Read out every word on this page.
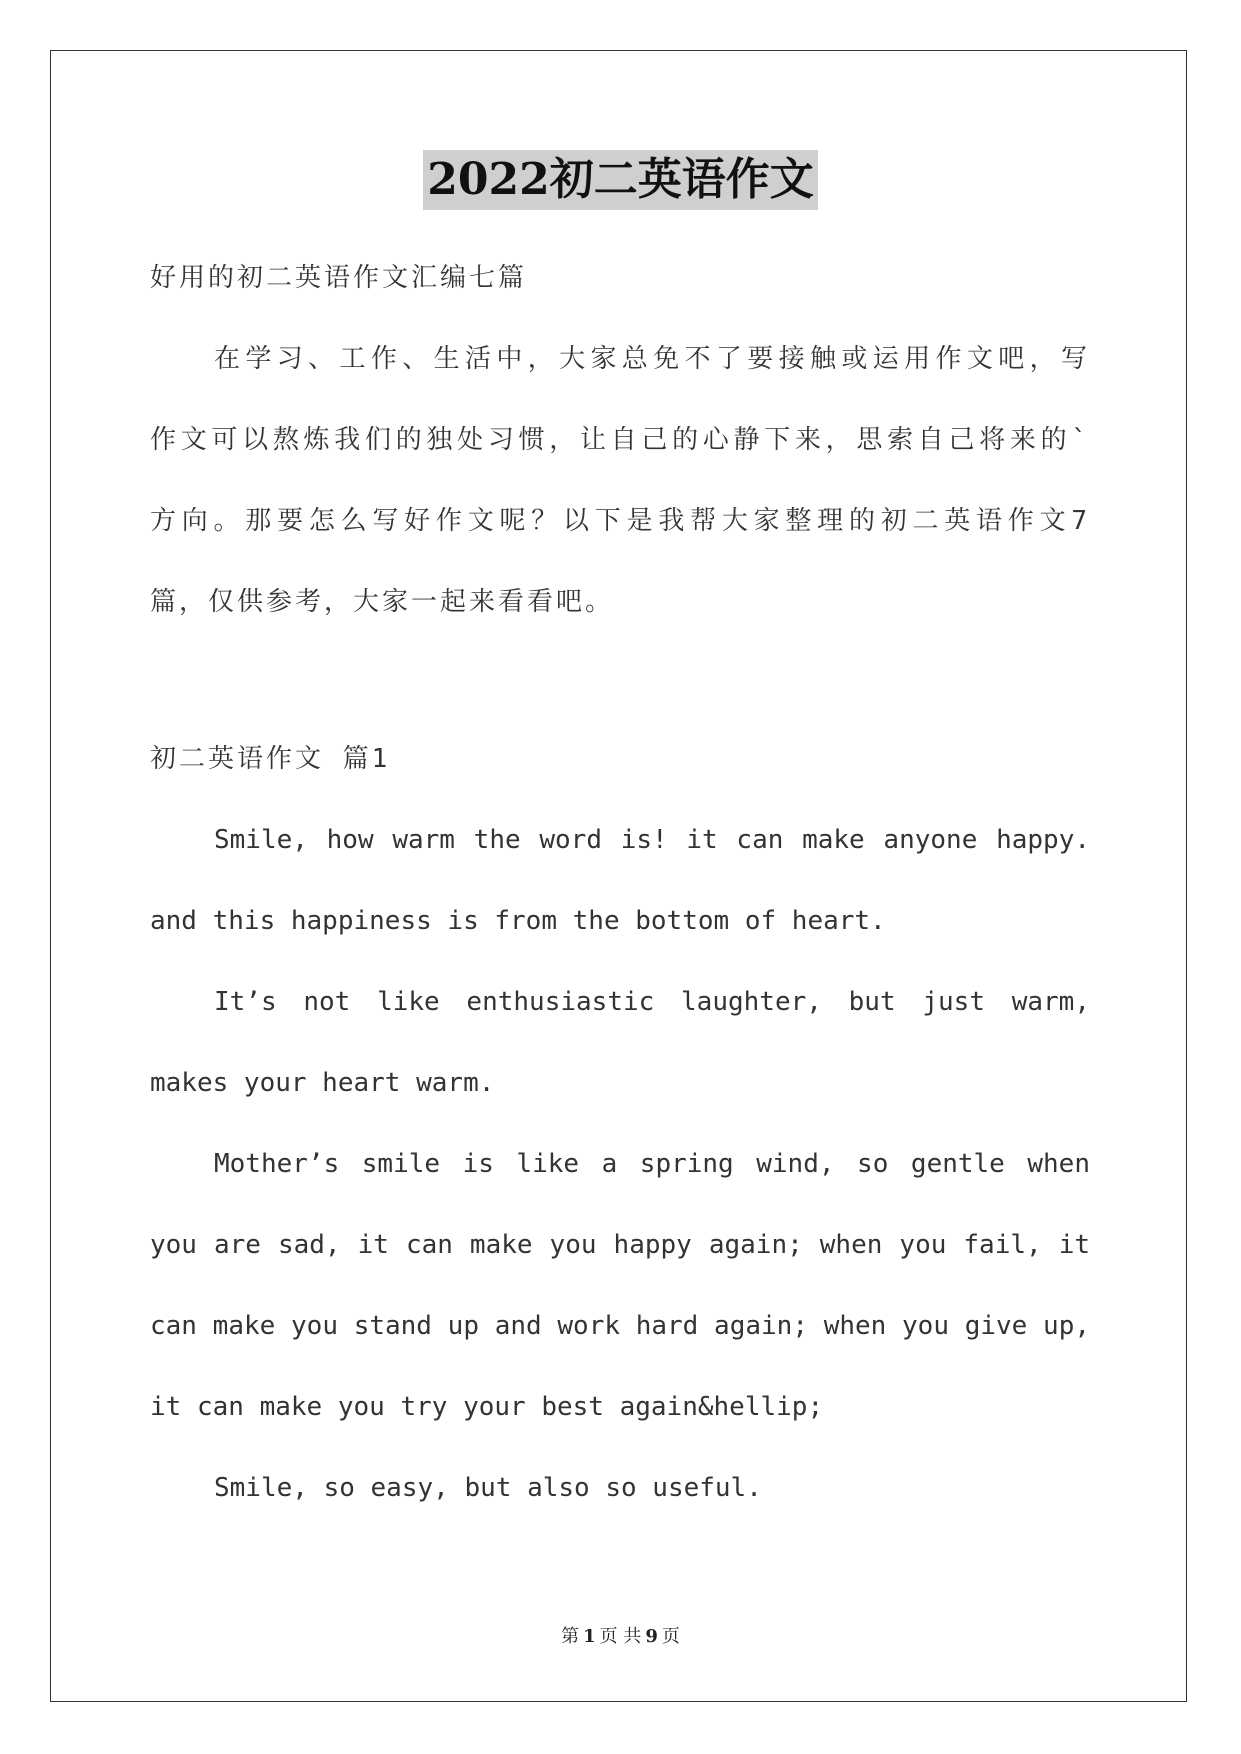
2022初二英语作文
好用的初二英语作文汇编七篇
在学习、工作、生活中，大家总免不了要接触或运用作文吧，写
作文可以熬炼我们的独处习惯，让自己的心静下来，思索自己将来的`
方向。那要怎么写好作文呢？以下是我帮大家整理的初二英语作文7
篇，仅供参考，大家一起来看看吧。
初二英语作文 篇1
Smile, how warm the word is! it can make anyone happy.
and this happiness is from the bottom of heart.
It’s not like enthusiastic laughter, but just warm,
makes your heart warm.
Mother’s smile is like a spring wind, so gentle when
you are sad, it can make you happy again; when you fail, it
can make you stand up and work hard again; when you give up,
it can make you try your best again&hellip;
Smile, so easy, but also so useful.
第 1 页 共 9 页
